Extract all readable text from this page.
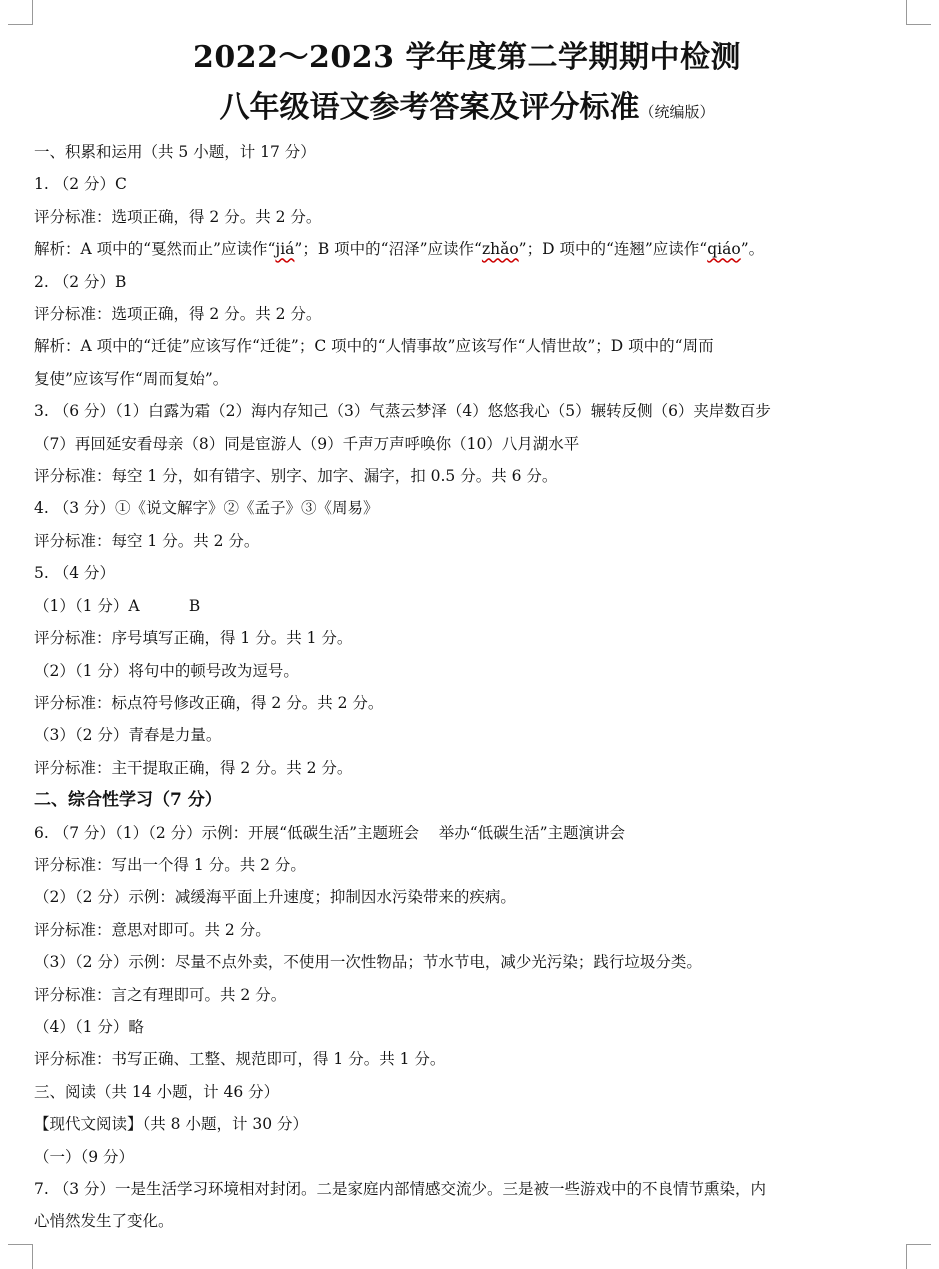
2022～2023 学年度第二学期期中检测
八年级语文参考答案及评分标准（统编版）

一、积累和运用（共 5 小题，计 17 分）

1. （2 分）C

评分标准：选项正确，得 2 分。共 2 分。

解析：A 项中的“戛然而止”应读作“jiá”；B 项中的“沼泽”应读作“zhǎo”；D 项中的“连翘”应读作“qiáo”。

2. （2 分）B

评分标准：选项正确，得 2 分。共 2 分。

解析：A 项中的“迁徒”应该写作“迁徙”；C 项中的“人情事故”应该写作“人情世故”；D 项中的“周而

复使”应该写作“周而复始”。

3. （6 分）（1）白露为霜（2）海内存知己（3）气蒸云梦泽（4）悠悠我心（5）辗转反侧（6）夹岸数百步

（7）再回延安看母亲（8）同是宦游人（9）千声万声呼唤你（10）八月湖水平

评分标准：每空 1 分，如有错字、别字、加字、漏字，扣 0.5 分。共 6 分。

4. （3 分）①《说文解字》②《孟子》③《周易》

评分标准：每空 1 分。共 2 分。

5. （4 分）

（1）（1 分）A          B

评分标准：序号填写正确，得 1 分。共 1 分。

（2）（1 分）将句中的顿号改为逗号。

评分标准：标点符号修改正确，得 2 分。共 2 分。

（3）（2 分）青春是力量。

评分标准：主干提取正确，得 2 分。共 2 分。

二、综合性学习（7 分）

6. （7 分）（1）（2 分）示例：开展“低碳生活”主题班会    举办“低碳生活”主题演讲会

评分标准：写出一个得 1 分。共 2 分。

（2）（2 分）示例：减缓海平面上升速度；抑制因水污染带来的疾病。

评分标准：意思对即可。共 2 分。

（3）（2 分）示例：尽量不点外卖，不使用一次性物品；节水节电，减少光污染；践行垃圾分类。

评分标准：言之有理即可。共 2 分。

（4）（1 分）略

评分标准：书写正确、工整、规范即可，得 1 分。共 1 分。

三、阅读（共 14 小题，计 46 分）

【现代文阅读】（共 8 小题，计 30 分）

（一）（9 分）

7. （3 分）一是生活学习环境相对封闭。二是家庭内部情感交流少。三是被一些游戏中的不良情节熏染，内

心悄然发生了变化。
